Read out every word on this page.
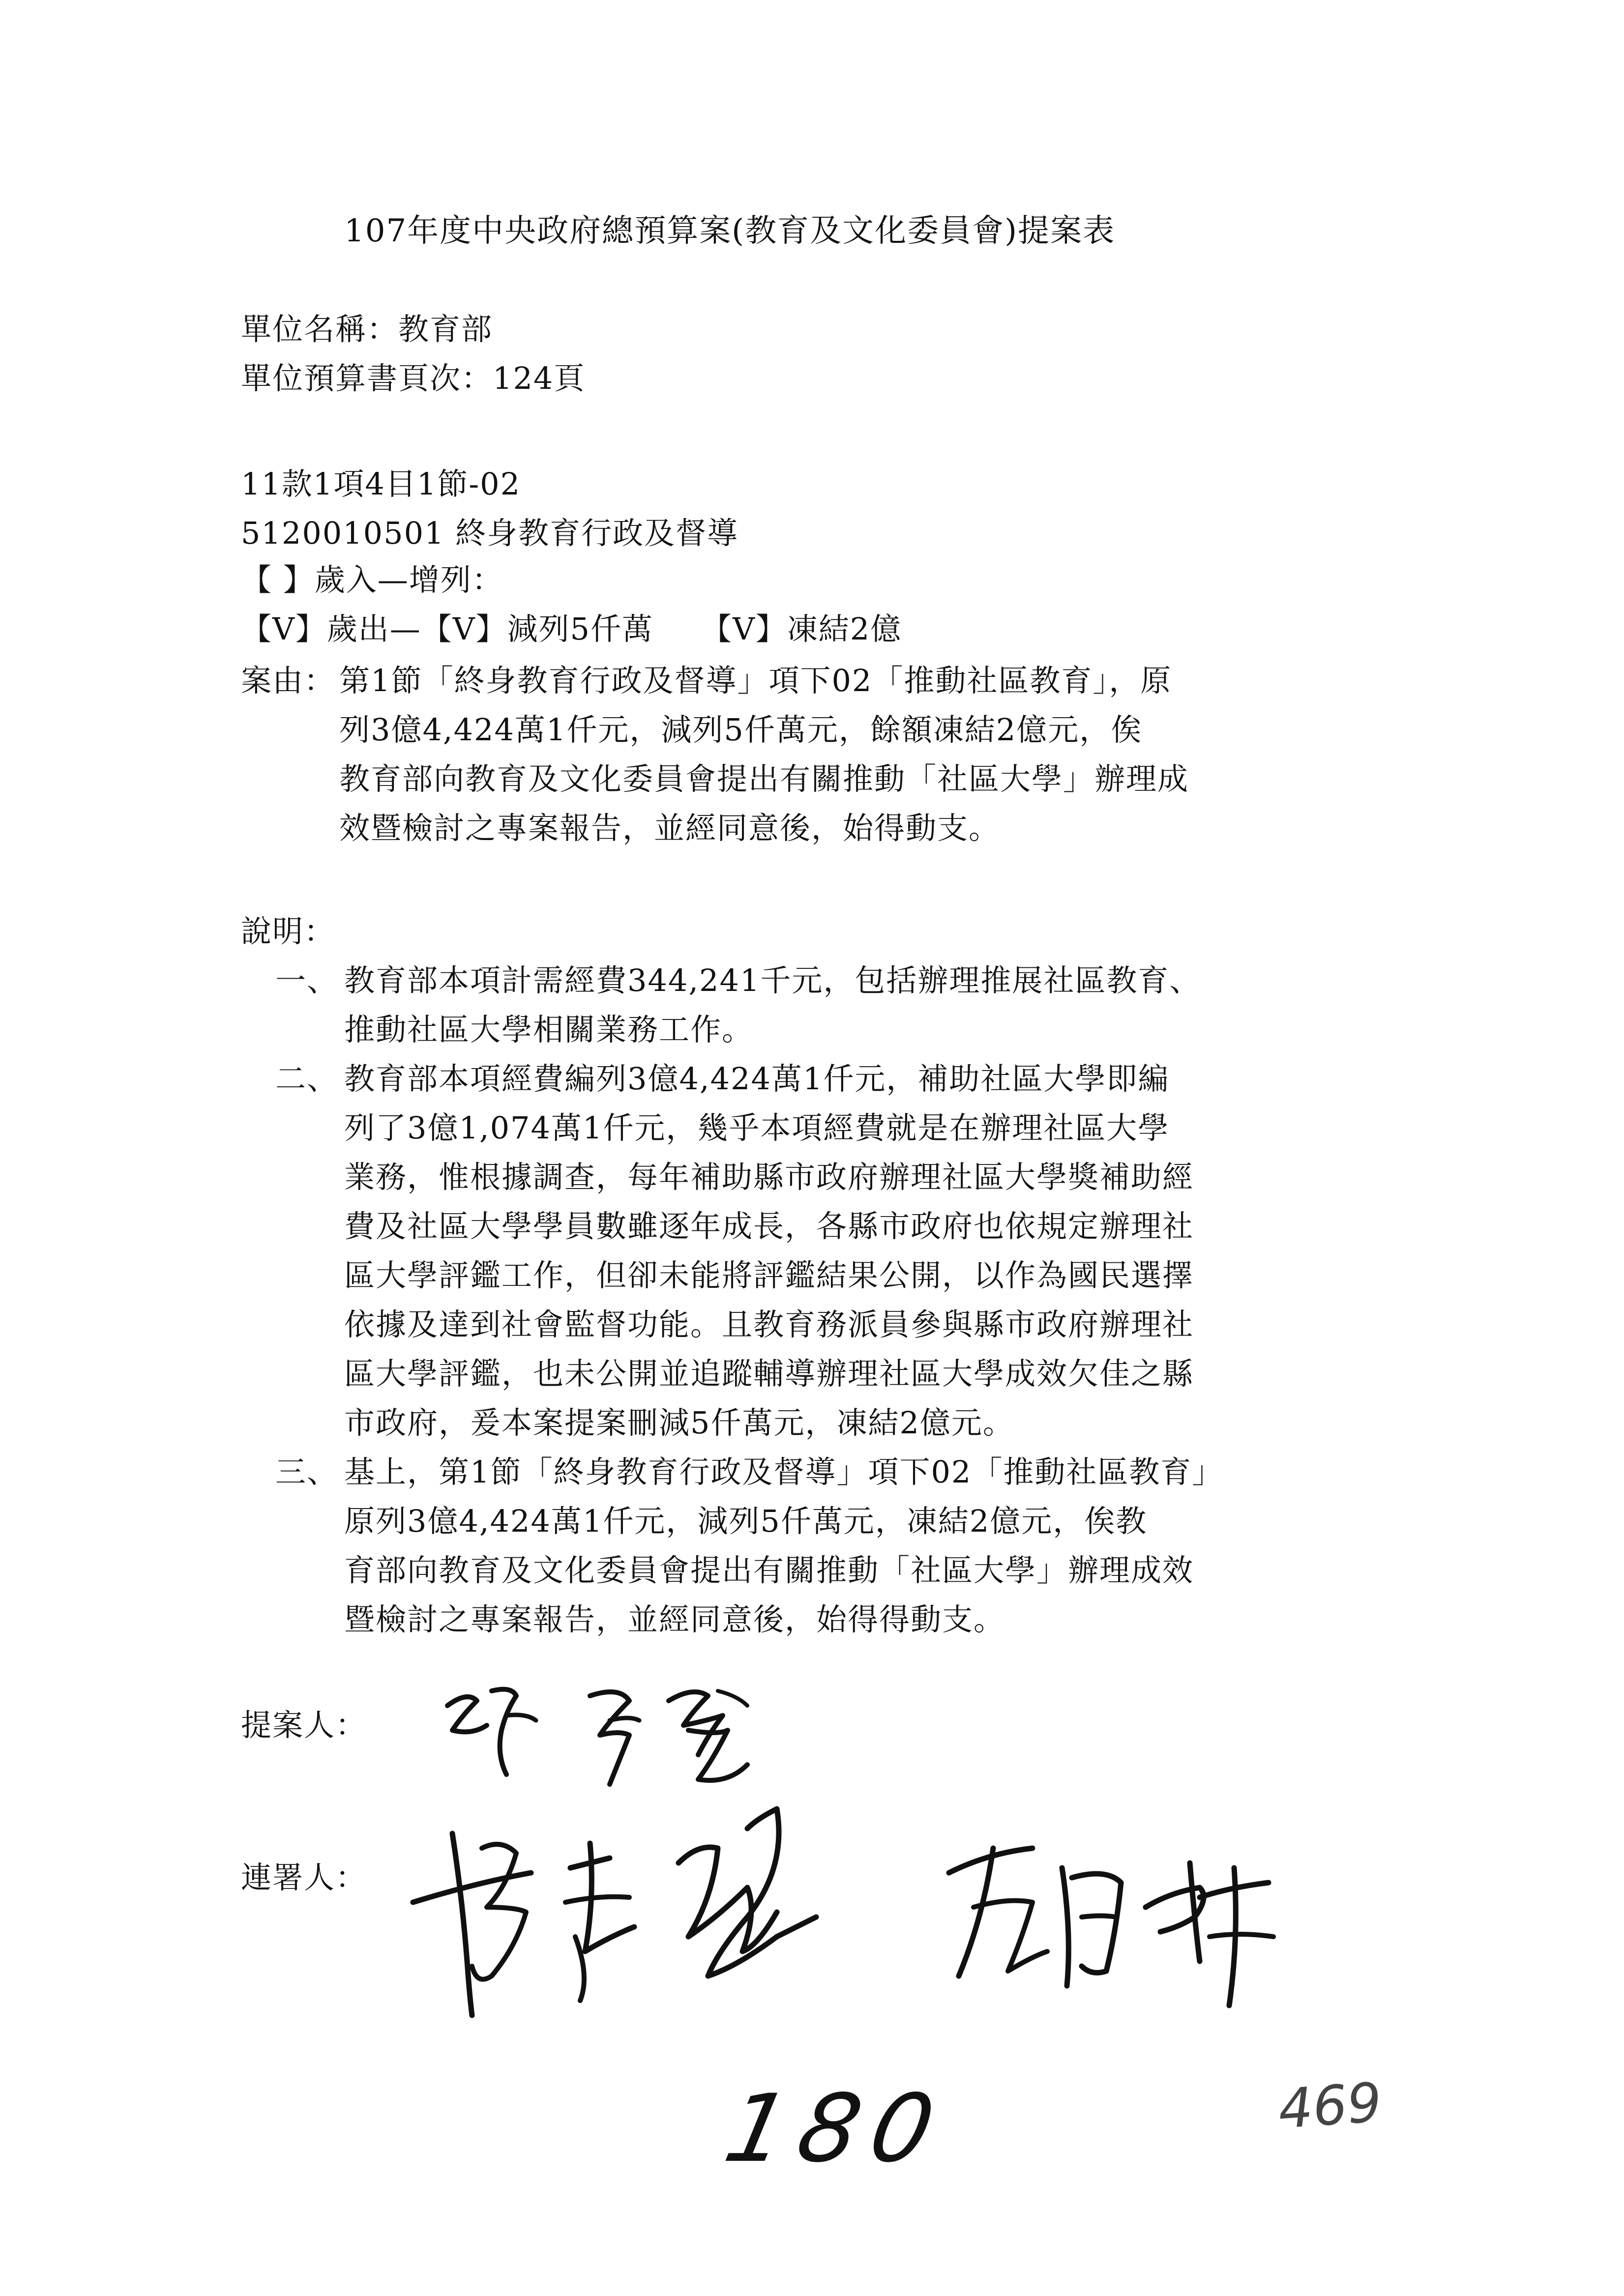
107年度中央政府總預算案(教育及文化委員會)提案表
單位名稱：教育部
單位預算書頁次：124頁
11款1項4目1節-02
5120010501 終身教育行政及督導
【 】歲入—增列：
【V】歲出—【V】減列5仟萬　　【V】凍結2億
案由： 第1節「終身教育行政及督導」項下02「推動社區教育」，原
列3億4,424萬1仟元，減列5仟萬元，餘額凍結2億元，俟
教育部向教育及文化委員會提出有關推動「社區大學」辦理成
效暨檢討之專案報告，並經同意後，始得動支。
說明：
一、 教育部本項計需經費344,241千元，包括辦理推展社區教育、
推動社區大學相關業務工作。
二、 教育部本項經費編列3億4,424萬1仟元，補助社區大學即編
列了3億1,074萬1仟元，幾乎本項經費就是在辦理社區大學
業務，惟根據調查，每年補助縣市政府辦理社區大學獎補助經
費及社區大學學員數雖逐年成長，各縣市政府也依規定辦理社
區大學評鑑工作，但卻未能將評鑑結果公開，以作為國民選擇
依據及達到社會監督功能。且教育務派員參與縣市政府辦理社
區大學評鑑，也未公開並追蹤輔導辦理社區大學成效欠佳之縣
市政府，爰本案提案刪減5仟萬元，凍結2億元。
三、 基上，第1節「終身教育行政及督導」項下02「推動社區教育」
原列3億4,424萬1仟元，減列5仟萬元，凍結2億元，俟教
育部向教育及文化委員會提出有關推動「社區大學」辦理成效
暨檢討之專案報告，並經同意後，始得得動支。
提案人：
連署人：
180	469
